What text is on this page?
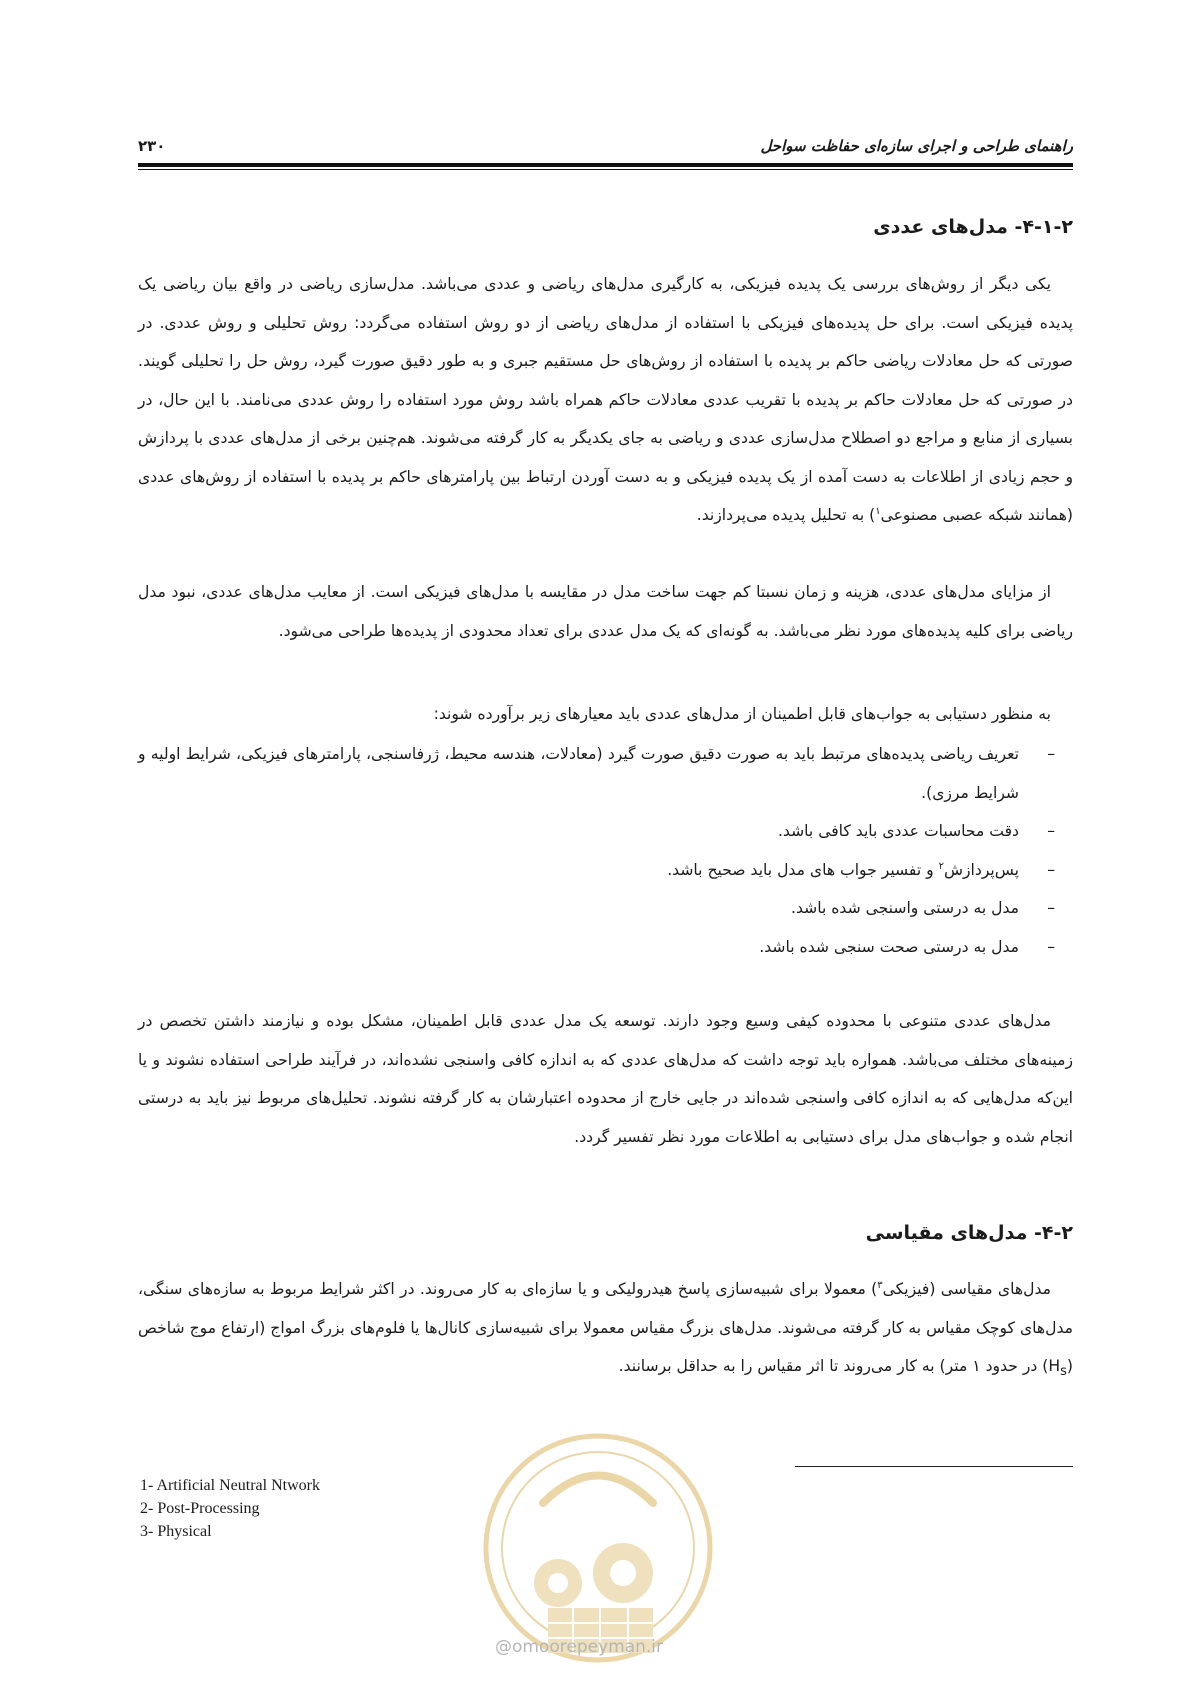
راهنمای طراحی و اجرای سازه‌ای حفاظت سواحل
۲۳۰
۴-۱-۲- مدل‌های عددی

یکی دیگر از روش‌های بررسی یک پدیده فیزیکی، به کارگیری مدل‌های ریاضی و عددی می‌باشد. مدل‌سازی ریاضی در واقع بیان ریاضی یک پدیده فیزیکی است. برای حل پدیده‌های فیزیکی با استفاده از مدل‌های ریاضی از دو روش استفاده می‌گردد: روش تحلیلی و روش عددی. در صورتی که حل معادلات ریاضی حاکم بر پدیده با استفاده از روش‌های حل مستقیم جبری و به طور دقیق صورت گیرد، روش حل را تحلیلی گویند. در صورتی که حل معادلات حاکم بر پدیده با تقریب عددی معادلات حاکم همراه باشد روش مورد استفاده را روش عددی می‌نامند. با این حال، در بسیاری از منابع و مراجع دو اصطلاح مدل‌سازی عددی و ریاضی به جای یکدیگر به کار گرفته می‌شوند. هم‌چنین برخی از مدل‌های عددی با پردازش و حجم زیادی از اطلاعات به دست آمده از یک پدیده فیزیکی و به دست آوردن ارتباط بین پارامترهای حاکم بر پدیده با استفاده از روش‌های عددی (همانند شبکه عصبی مصنوعی$^۱$) به تحلیل پدیده می‌پردازند.

از مزایای مدل‌های عددی، هزینه و زمان نسبتا کم جهت ساخت مدل در مقایسه با مدل‌های فیزیکی است. از معایب مدل‌های عددی، نبود مدل ریاضی برای کلیه پدیده‌های مورد نظر می‌باشد. به گونه‌ای که یک مدل عددی برای تعداد محدودی از پدیده‌ها طراحی می‌شود.

به منظور دستیابی به جواب‌های قابل اطمینان از مدل‌های عددی باید معیارهای زیر برآورده شوند:

–
تعریف ریاضی پدیده‌های مرتبط باید به صورت دقیق صورت گیرد (معادلات، هندسه محیط، ژرفاسنجی، پارامترهای فیزیکی، شرایط اولیه و شرایط مرزی).
–
دقت محاسبات عددی باید کافی باشد.
–
پس‌پردازش$^۲$ و تفسیر جواب های مدل باید صحیح باشد.
–
مدل به درستی واسنجی شده باشد.
–
مدل به درستی صحت سنجی شده باشد.

مدل‌های عددی متنوعی با محدوده کیفی وسیع وجود دارند. توسعه یک مدل عددی قابل اطمینان، مشکل بوده و نیازمند داشتن تخصص در زمینه‌های مختلف می‌باشد. همواره باید توجه داشت که مدل‌های عددی که به اندازه کافی واسنجی نشده‌اند، در فرآیند طراحی استفاده نشوند و یا این‌که مدل‌هایی که به اندازه کافی واسنجی شده‌اند در جایی خارج از محدوده اعتبارشان به کار گرفته نشوند. تحلیل‌های مربوط نیز باید به درستی انجام شده و جواب‌های مدل برای دستیابی به اطلاعات مورد نظر تفسیر گردد.

۴-۲- مدل‌های مقیاسی

مدل‌های مقیاسی (فیزیکی$^۳$) معمولا برای شبیه‌سازی پاسخ هیدرولیکی و یا سازه‌ای به کار می‌روند. در اکثر شرایط مربوط به سازه‌های سنگی، مدل‌های کوچک مقیاس به کار گرفته می‌شوند. مدل‌های بزرگ مقیاس معمولا برای شبیه‌سازی کانال‌ها یا فلوم‌های بزرگ امواج (ارتفاع موج شاخص $(H_s)$ در حدود ۱ متر) به کار می‌روند تا اثر مقیاس را به حداقل برسانند.

1- Artificial Neutral Ntwork
2- Post-Processing
3- Physical
@omoorepeyman.ir
